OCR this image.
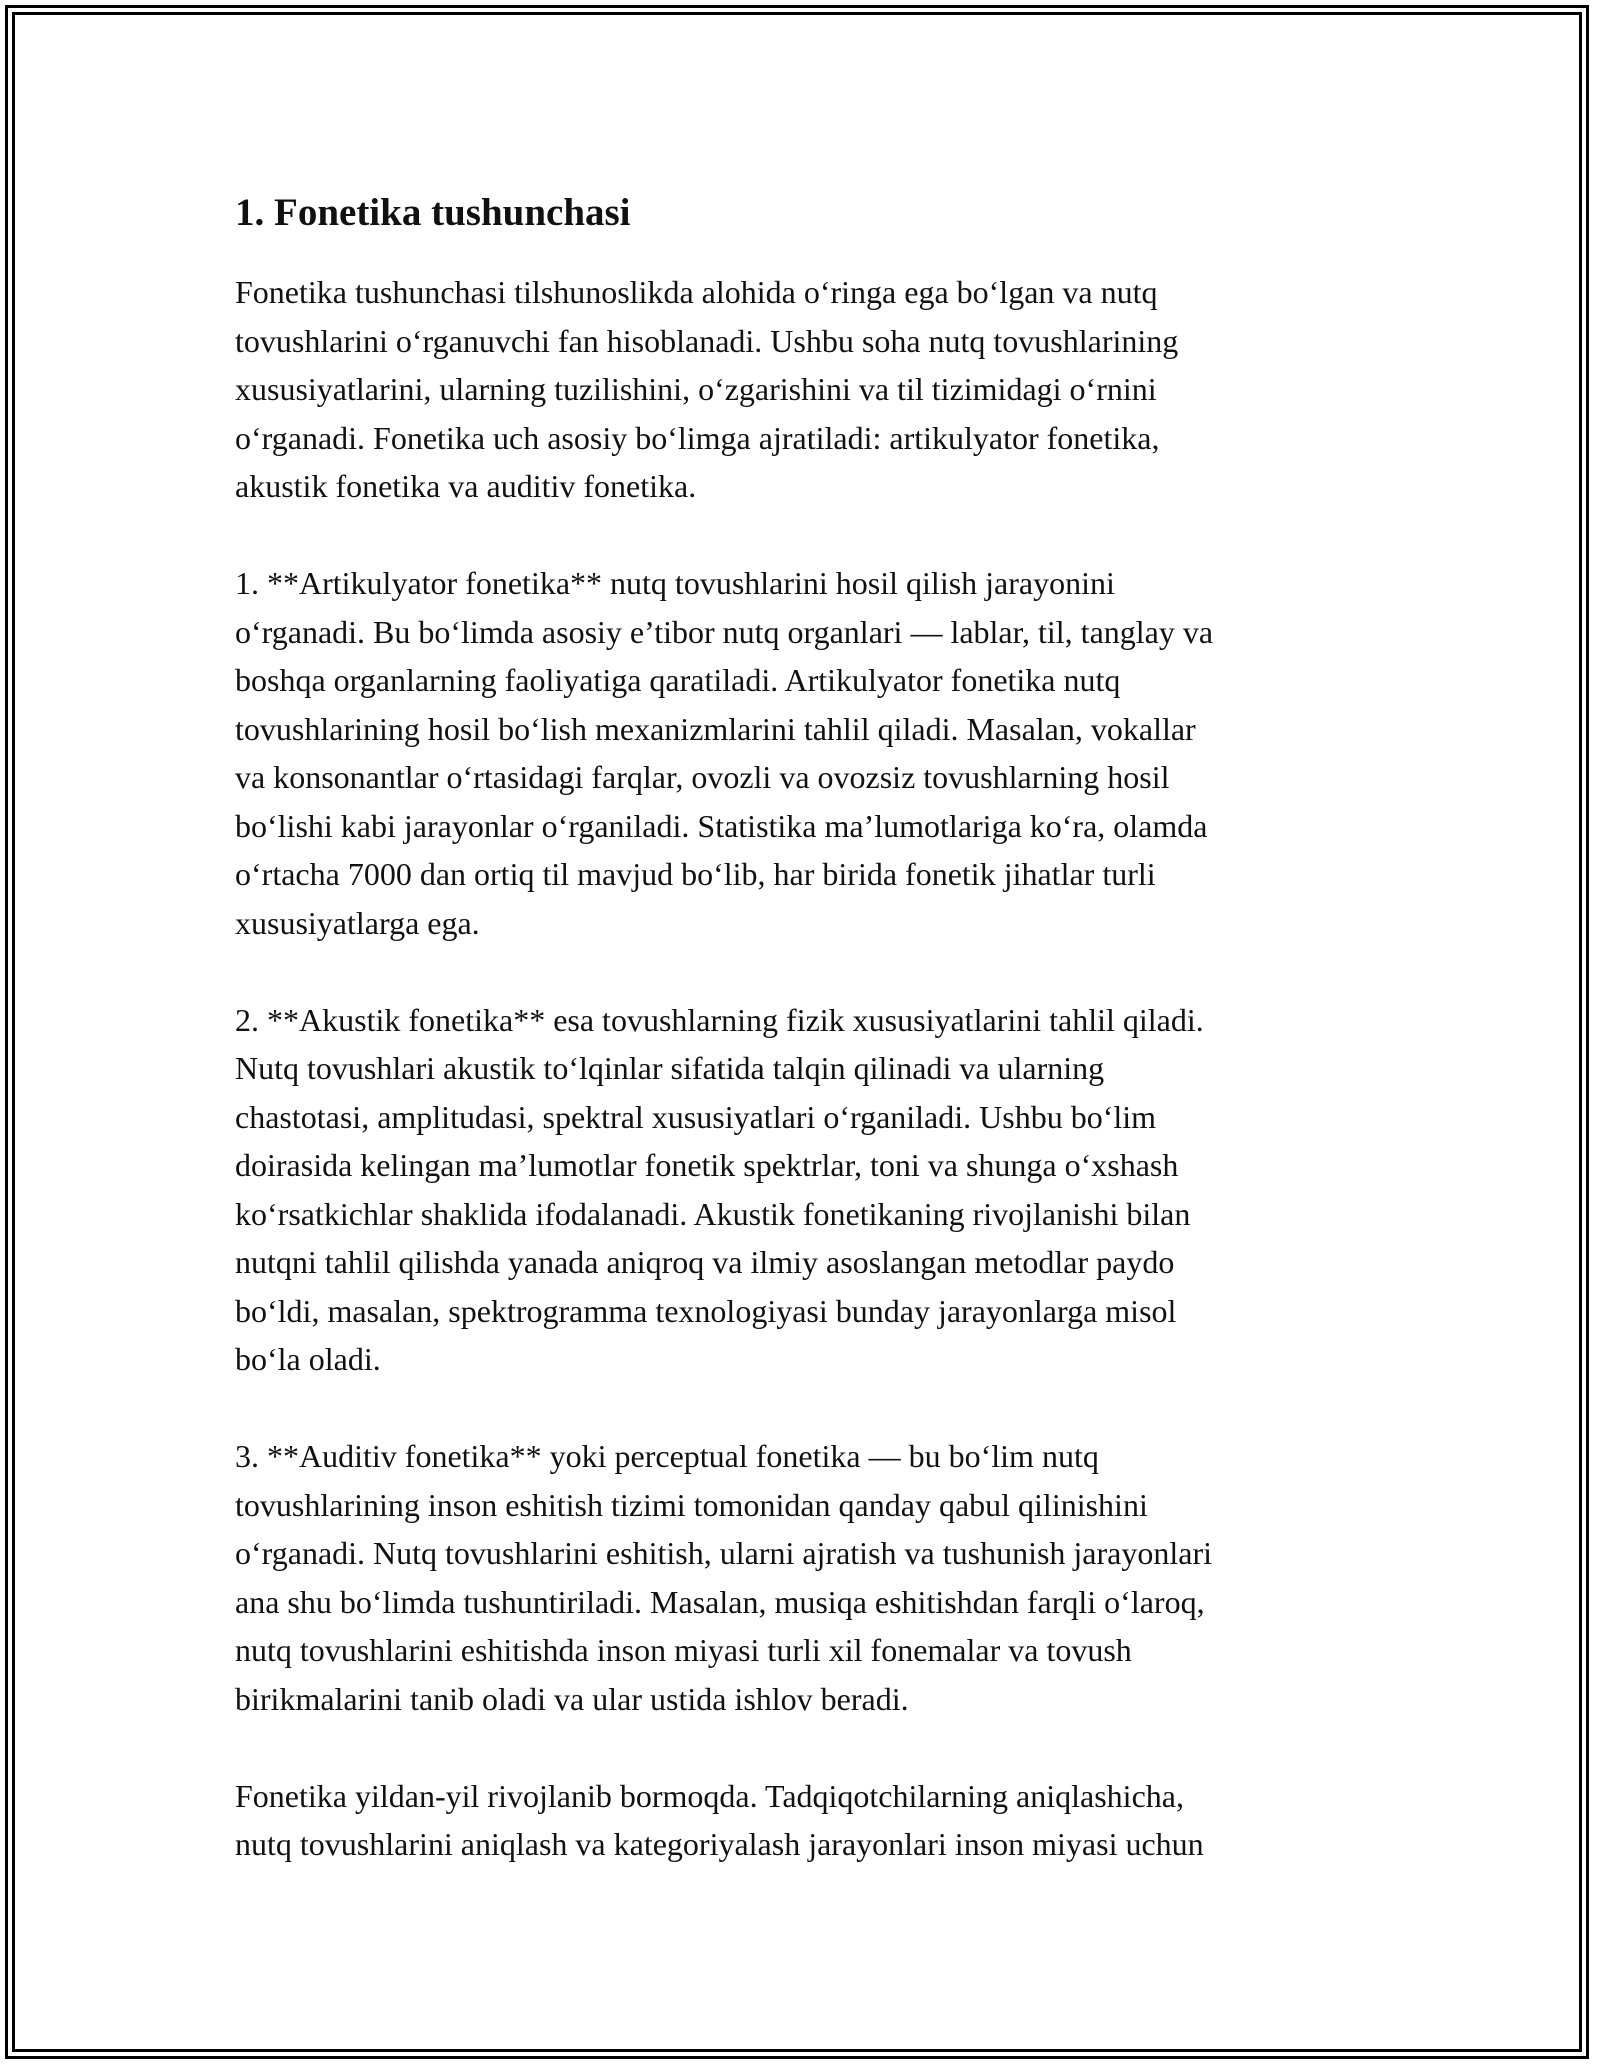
1. Fonetika tushunchasi

Fonetika tushunchasi tilshunoslikda alohida o‘ringa ega bo‘lgan va nutq
tovushlarini o‘rganuvchi fan hisoblanadi. Ushbu soha nutq tovushlarining
xususiyatlarini, ularning tuzilishini, o‘zgarishini va til tizimidagi o‘rnini
o‘rganadi. Fonetika uch asosiy bo‘limga ajratiladi: artikulyator fonetika,
akustik fonetika va auditiv fonetika.

1. **Artikulyator fonetika** nutq tovushlarini hosil qilish jarayonini
o‘rganadi. Bu bo‘limda asosiy e’tibor nutq organlari — lablar, til, tanglay va
boshqa organlarning faoliyatiga qaratiladi. Artikulyator fonetika nutq
tovushlarining hosil bo‘lish mexanizmlarini tahlil qiladi. Masalan, vokallar
va konsonantlar o‘rtasidagi farqlar, ovozli va ovozsiz tovushlarning hosil
bo‘lishi kabi jarayonlar o‘rganiladi. Statistika ma’lumotlariga ko‘ra, olamda
o‘rtacha 7000 dan ortiq til mavjud bo‘lib, har birida fonetik jihatlar turli
xususiyatlarga ega.

2. **Akustik fonetika** esa tovushlarning fizik xususiyatlarini tahlil qiladi.
Nutq tovushlari akustik to‘lqinlar sifatida talqin qilinadi va ularning
chastotasi, amplitudasi, spektral xususiyatlari o‘rganiladi. Ushbu bo‘lim
doirasida kelingan ma’lumotlar fonetik spektrlar, toni va shunga o‘xshash
ko‘rsatkichlar shaklida ifodalanadi. Akustik fonetikaning rivojlanishi bilan
nutqni tahlil qilishda yanada aniqroq va ilmiy asoslangan metodlar paydo
bo‘ldi, masalan, spektrogramma texnologiyasi bunday jarayonlarga misol
bo‘la oladi.

3. **Auditiv fonetika** yoki perceptual fonetika — bu bo‘lim nutq
tovushlarining inson eshitish tizimi tomonidan qanday qabul qilinishini
o‘rganadi. Nutq tovushlarini eshitish, ularni ajratish va tushunish jarayonlari
ana shu bo‘limda tushuntiriladi. Masalan, musiqa eshitishdan farqli o‘laroq,
nutq tovushlarini eshitishda inson miyasi turli xil fonemalar va tovush
birikmalarini tanib oladi va ular ustida ishlov beradi.

Fonetika yildan-yil rivojlanib bormoqda. Tadqiqotchilarning aniqlashicha,
nutq tovushlarini aniqlash va kategoriyalash jarayonlari inson miyasi uchun
